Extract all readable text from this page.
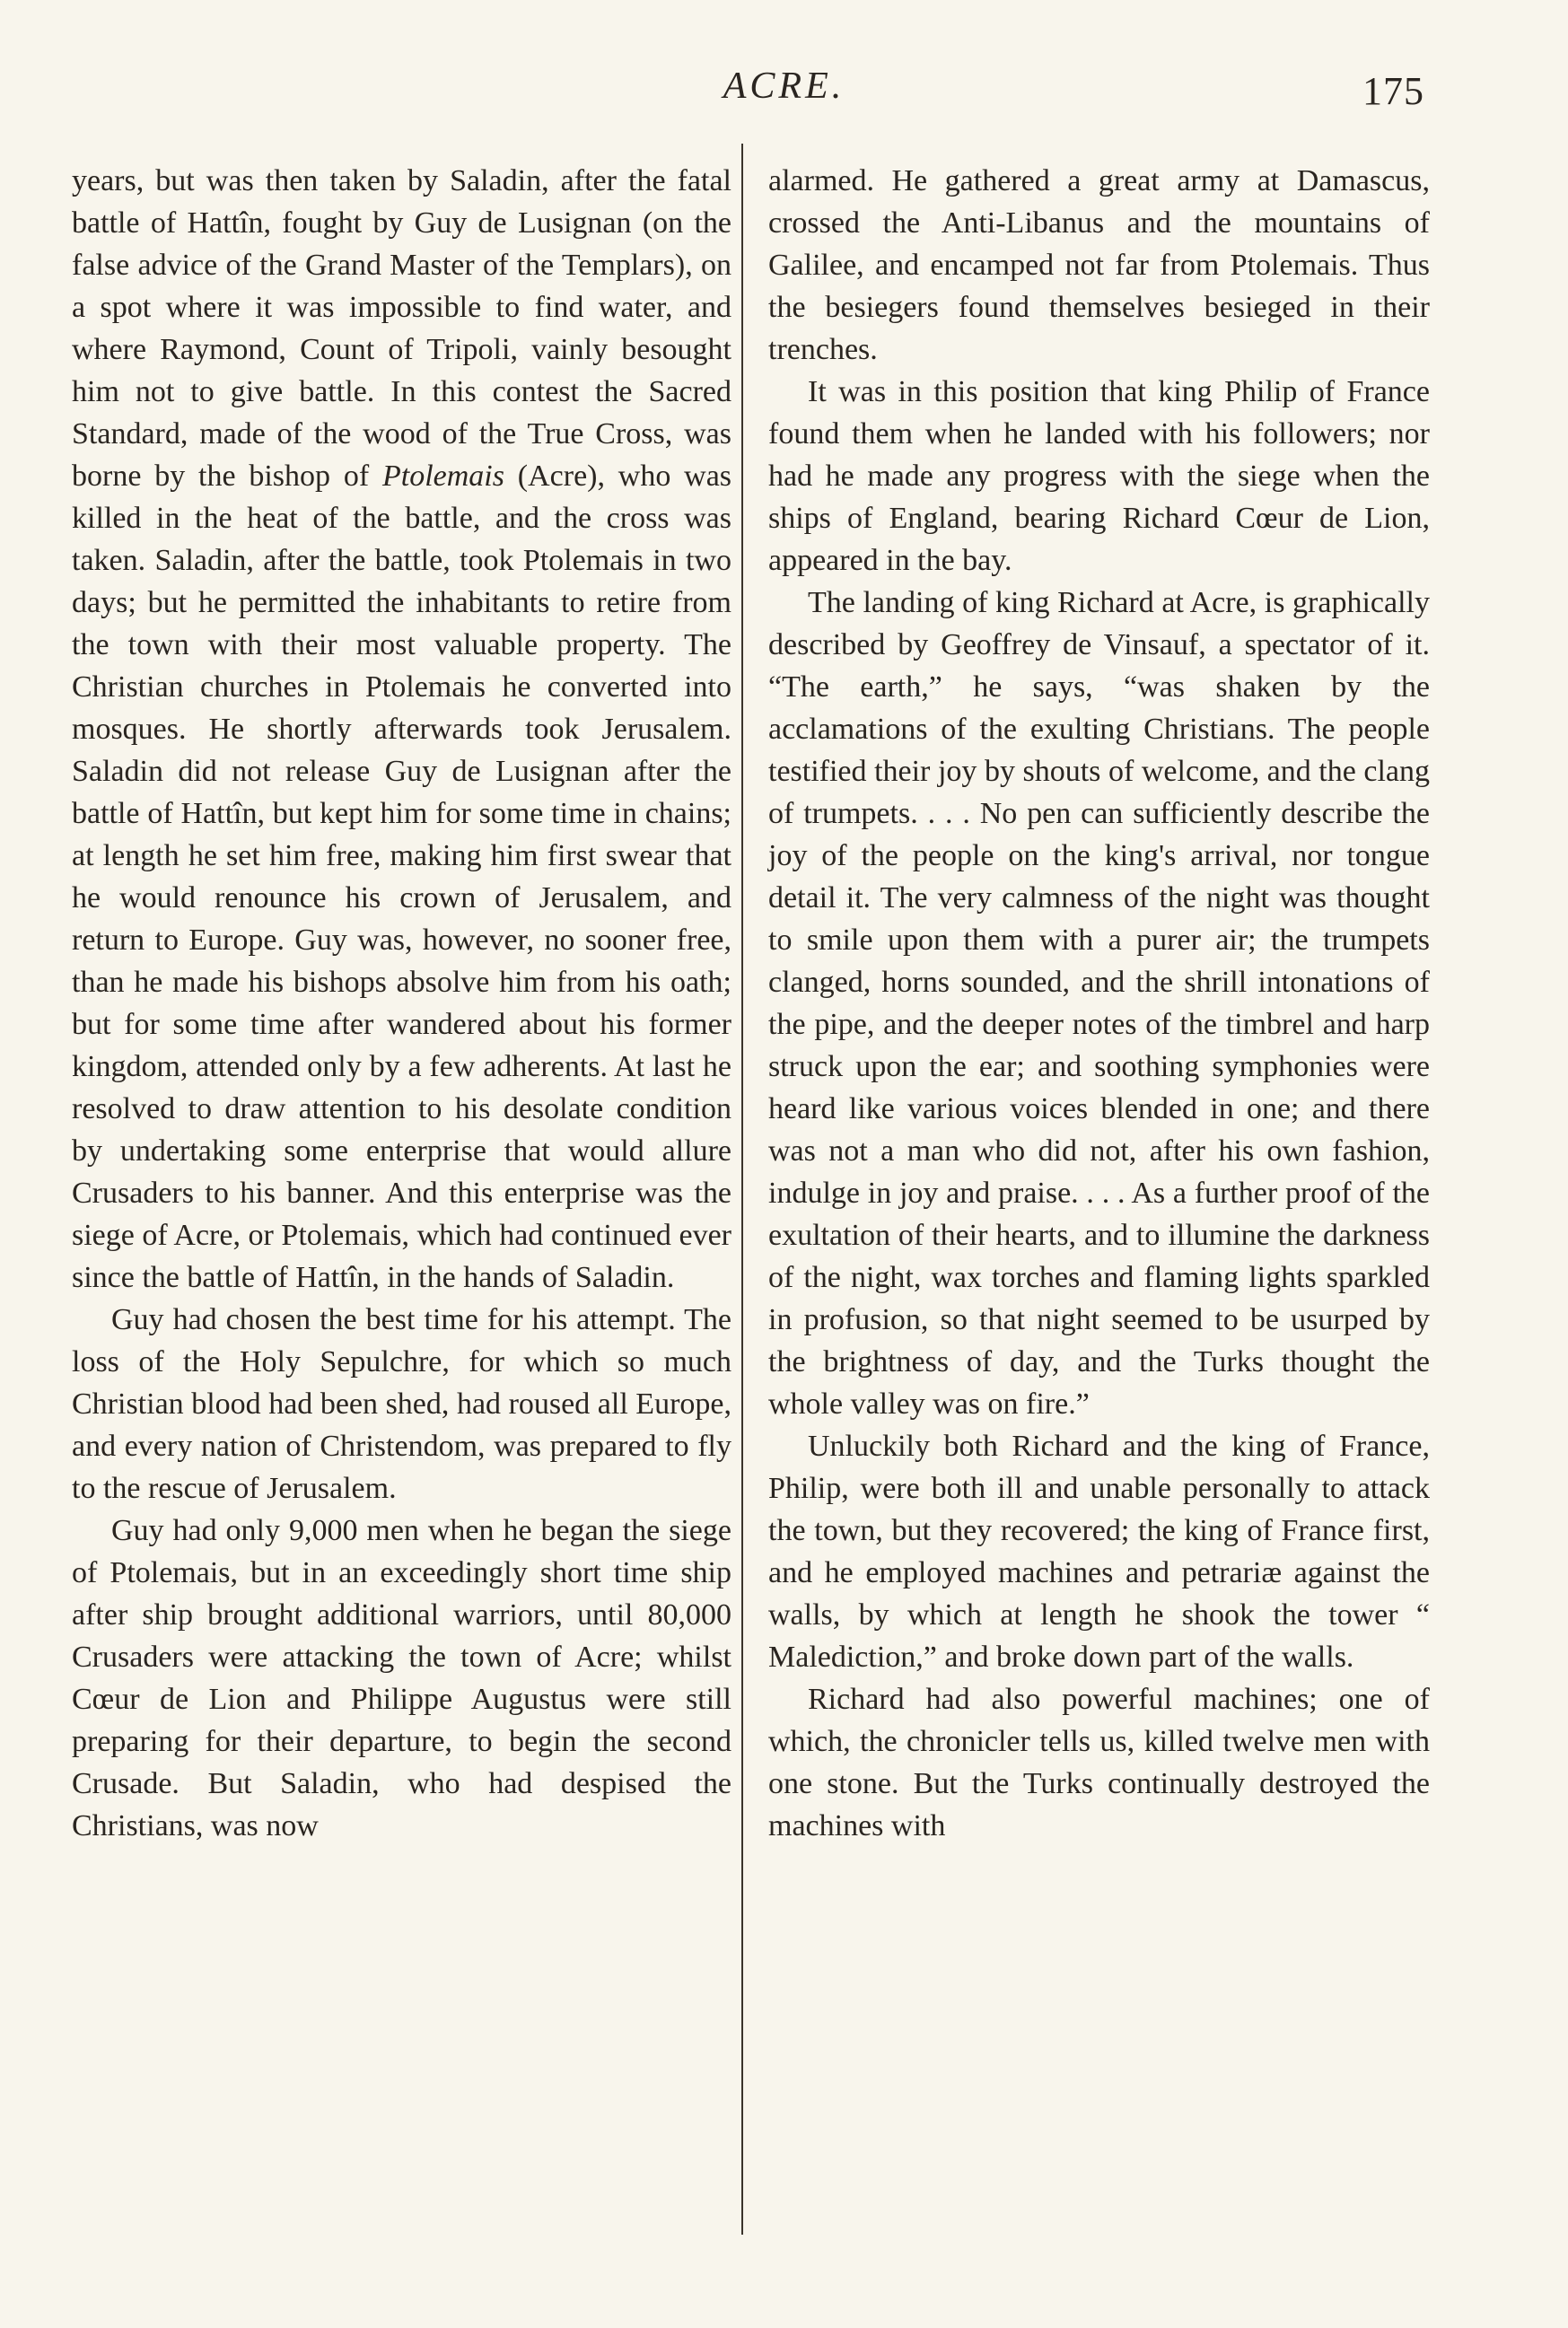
ACRE.	175

years, but was then taken by Saladin, after the fatal battle of Hattîn, fought by Guy de Lusignan (on the false advice of the Grand Master of the Templars), on a spot where it was impossible to find water, and where Raymond, Count of Tripoli, vainly besought him not to give battle. In this contest the Sacred Standard, made of the wood of the True Cross, was borne by the bishop of Ptolemais (Acre), who was killed in the heat of the battle, and the cross was taken. Saladin, after the battle, took Ptolemais in two days; but he permitted the inhabitants to retire from the town with their most valuable property. The Christian churches in Ptolemais he converted into mosques. He shortly afterwards took Jerusalem. Saladin did not release Guy de Lusignan after the battle of Hattîn, but kept him for some time in chains; at length he set him free, making him first swear that he would renounce his crown of Jerusalem, and return to Europe. Guy was, however, no sooner free, than he made his bishops absolve him from his oath; but for some time after wandered about his former kingdom, attended only by a few adherents. At last he resolved to draw attention to his desolate condition by undertaking some enterprise that would allure Crusaders to his banner. And this enterprise was the siege of Acre, or Ptolemais, which had continued ever since the battle of Hattîn, in the hands of Saladin.

Guy had chosen the best time for his attempt. The loss of the Holy Sepulchre, for which so much Christian blood had been shed, had roused all Europe, and every nation of Christendom, was prepared to fly to the rescue of Jerusalem.

Guy had only 9,000 men when he began the siege of Ptolemais, but in an exceedingly short time ship after ship brought additional warriors, until 80,000 Crusaders were attacking the town of Acre; whilst Cœur de Lion and Philippe Augustus were still preparing for their departure, to begin the second Crusade. But Saladin, who had despised the Christians, was now

alarmed. He gathered a great army at Damascus, crossed the Anti-Libanus and the mountains of Galilee, and encamped not far from Ptolemais. Thus the besiegers found themselves besieged in their trenches.

It was in this position that king Philip of France found them when he landed with his followers; nor had he made any progress with the siege when the ships of England, bearing Richard Cœur de Lion, appeared in the bay.

The landing of king Richard at Acre, is graphically described by Geoffrey de Vinsauf, a spectator of it. “The earth,” he says, “was shaken by the acclamations of the exulting Christians. The people testified their joy by shouts of welcome, and the clang of trumpets. . . . No pen can sufficiently describe the joy of the people on the king's arrival, nor tongue detail it. The very calmness of the night was thought to smile upon them with a purer air; the trumpets clanged, horns sounded, and the shrill intonations of the pipe, and the deeper notes of the timbrel and harp struck upon the ear; and soothing symphonies were heard like various voices blended in one; and there was not a man who did not, after his own fashion, indulge in joy and praise. . . . As a further proof of the exultation of their hearts, and to illumine the darkness of the night, wax torches and flaming lights sparkled in profusion, so that night seemed to be usurped by the brightness of day, and the Turks thought the whole valley was on fire.”

Unluckily both Richard and the king of France, Philip, were both ill and unable personally to attack the town, but they recovered; the king of France first, and he employed machines and petrariæ against the walls, by which at length he shook the tower “ Malediction,” and broke down part of the walls.

Richard had also powerful machines; one of which, the chronicler tells us, killed twelve men with one stone. But the Turks continually destroyed the machines with
